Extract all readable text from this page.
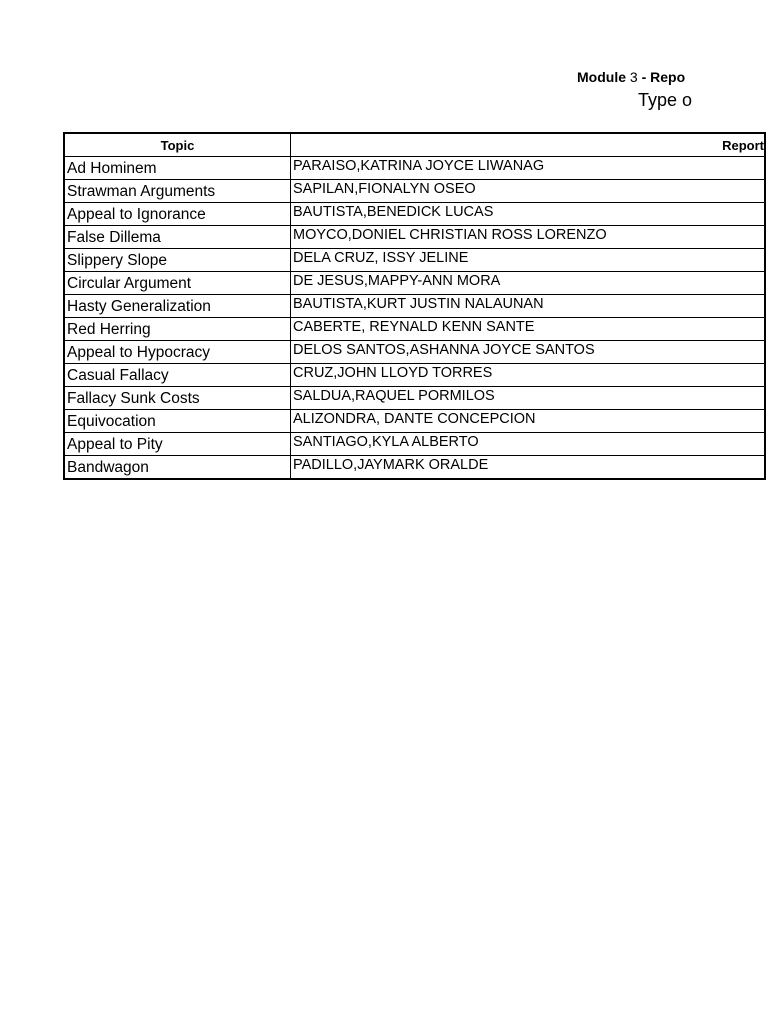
Module 3 - Repo
Type o
Topic	Report
Ad Hominem	PARAISO,KATRINA JOYCE LIWANAG
Strawman Arguments	SAPILAN,FIONALYN OSEO
Appeal to Ignorance	BAUTISTA,BENEDICK LUCAS
False Dillema	MOYCO,DONIEL CHRISTIAN ROSS LORENZO
Slippery Slope	DELA CRUZ, ISSY JELINE
Circular Argument	DE JESUS,MAPPY-ANN MORA
Hasty Generalization	BAUTISTA,KURT JUSTIN NALAUNAN
Red Herring	CABERTE, REYNALD KENN SANTE
Appeal to Hypocracy	DELOS SANTOS,ASHANNA JOYCE SANTOS
Casual Fallacy	CRUZ,JOHN LLOYD TORRES
Fallacy Sunk Costs	SALDUA,RAQUEL PORMILOS
Equivocation	ALIZONDRA, DANTE CONCEPCION
Appeal to Pity	SANTIAGO,KYLA ALBERTO
Bandwagon	PADILLO,JAYMARK ORALDE
